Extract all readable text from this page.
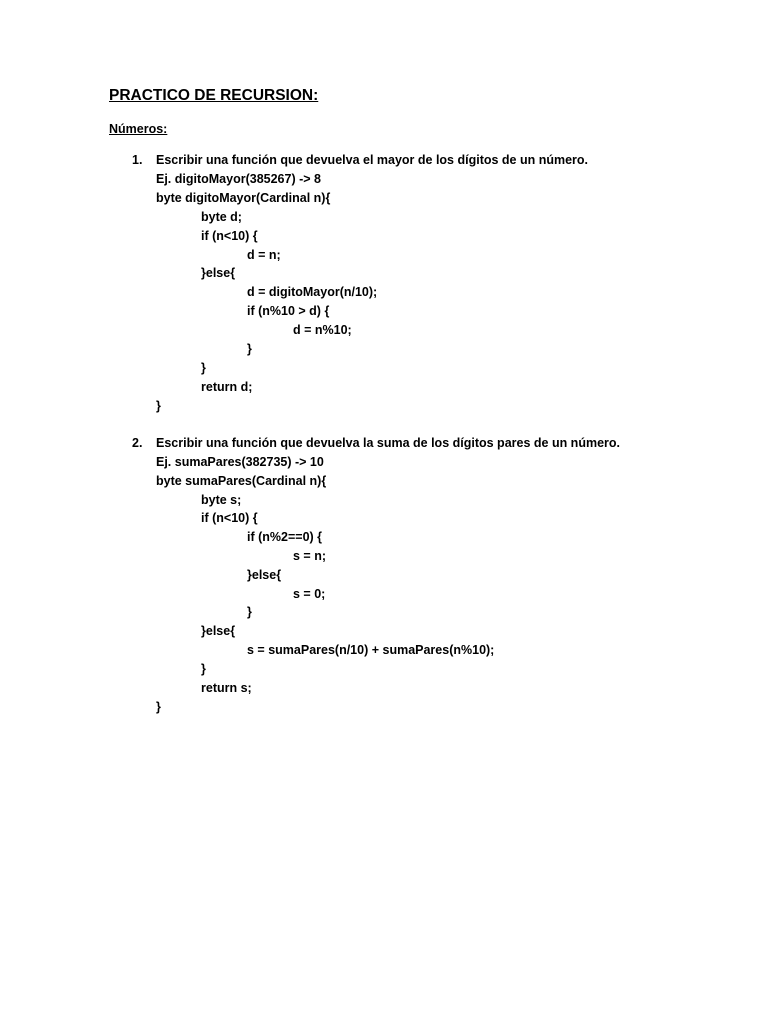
PRACTICO DE RECURSION:
Números:
1. Escribir una función que devuelva el mayor de los dígitos de un número.
Ej. digitoMayor(385267) -> 8
byte digitoMayor(Cardinal n){
byte d;
if (n<10) {
d = n;
}else{
d = digitoMayor(n/10);
if (n%10 > d) {
d = n%10;
}
}
return d;
}
2. Escribir una función que devuelva la suma de los dígitos pares de un número.
Ej. sumaPares(382735) -> 10
byte sumaPares(Cardinal n){
byte s;
if (n<10) {
if (n%2==0) {
s = n;
}else{
s = 0;
}
}else{
s = sumaPares(n/10) + sumaPares(n%10);
}
return s;
}
